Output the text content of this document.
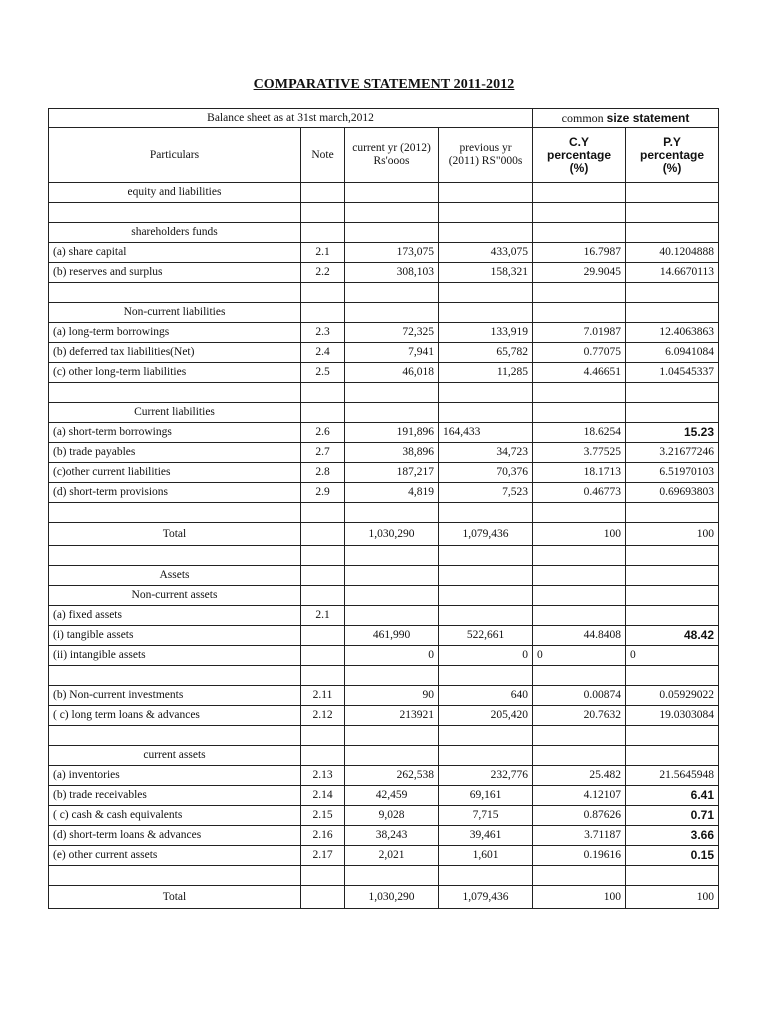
COMPARATIVE STATEMENT 2011-2012
Balance sheet as at 31st march,2012				common size statement	
Particulars	Note	current yr (2012) Rs'ooos	previous yr (2011) RS"000s	C.Y percentage (%)	P.Y percentage (%)
equity and liabilities					

shareholders funds					
(a) share capital	2.1	173,075	433,075	16.7987	40.1204888
(b) reserves and surplus	2.2	308,103	158,321	29.9045	14.6670113

Non-current liabilities					
(a) long-term borrowings	2.3	72,325	133,919	7.01987	12.4063863
(b) deferred tax liabilities(Net)	2.4	7,941	65,782	0.77075	6.0941084
(c) other long-term liabilities	2.5	46,018	11,285	4.46651	1.04545337

Current liabilities					
(a) short-term borrowings	2.6	191,896	164,433	18.6254	15.23
(b) trade payables	2.7	38,896	34,723	3.77525	3.21677246
(c)other current liabilities	2.8	187,217	70,376	18.1713	6.51970103
(d) short-term provisions	2.9	4,819	7,523	0.46773	0.69693803

Total		1,030,290	1,079,436	100	100

Assets					
Non-current assets					
(a) fixed assets	2.1				
(i) tangible assets		461,990	522,661	44.8408	48.42
(ii) intangible assets		0	0	0	0

(b) Non-current investments	2.11	90	640	0.00874	0.05929022
( c) long term loans & advances	2.12	213921	205,420	20.7632	19.0303084

current assets					
(a) inventories	2.13	262,538	232,776	25.482	21.5645948
(b) trade receivables	2.14	42,459	69,161	4.12107	6.41
( c) cash & cash equivalents	2.15	9,028	7,715	0.87626	0.71
(d) short-term loans & advances	2.16	38,243	39,461	3.71187	3.66
(e) other current assets	2.17	2,021	1,601	0.19616	0.15

Total		1,030,290	1,079,436	100	100
